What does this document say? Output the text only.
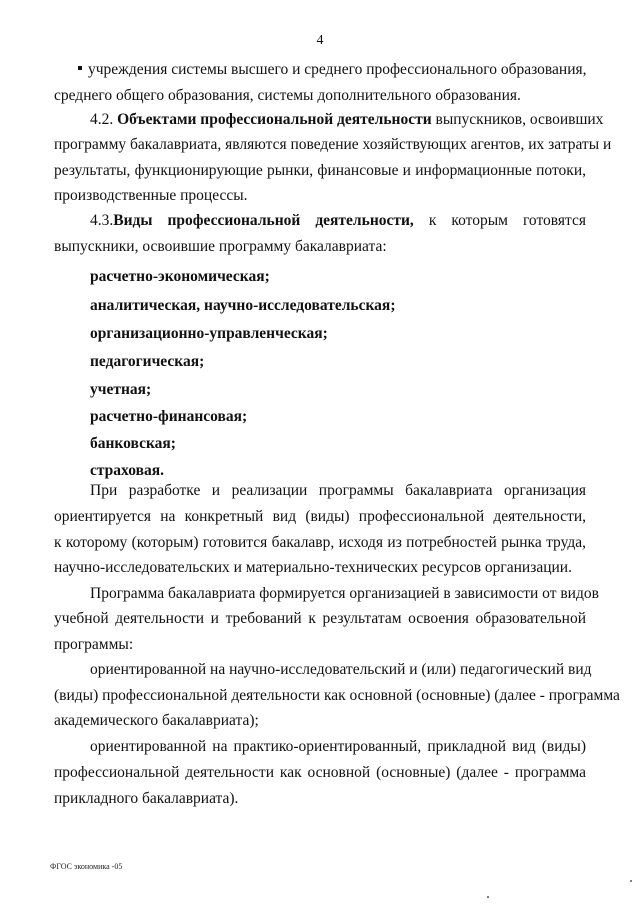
4
учреждения системы высшего и среднего профессионального образования,
среднего общего образования, системы дополнительного образования.
4.2. Объектами профессиональной деятельности выпускников, освоивших
программу бакалавриата, являются поведение хозяйствующих агентов, их затраты и
результаты, функционирующие рынки, финансовые и информационные потоки,
производственные процессы.
4.3.Виды профессиональной деятельности, к которым готовятся
выпускники, освоившие программу бакалавриата:
расчетно-экономическая;
аналитическая, научно-исследовательская;
организационно-управленческая;
педагогическая;
учетная;
расчетно-финансовая;
банковская;
страховая.
При разработке и реализации программы бакалавриата организация
ориентируется на конкретный вид (виды) профессиональной деятельности,
к которому (которым) готовится бакалавр, исходя из потребностей рынка труда,
научно-исследовательских и материально-технических ресурсов организации.
Программа бакалавриата формируется организацией в зависимости от видов
учебной деятельности и требований к результатам освоения образовательной
программы:
ориентированной на научно-исследовательский и (или) педагогический вид
(виды) профессиональной деятельности как основной (основные) (далее - программа
академического бакалавриата);
ориентированной на практико-ориентированный, прикладной вид (виды)
профессиональной деятельности как основной (основные) (далее - программа
прикладного бакалавриата).
ФГОС экономика -05
